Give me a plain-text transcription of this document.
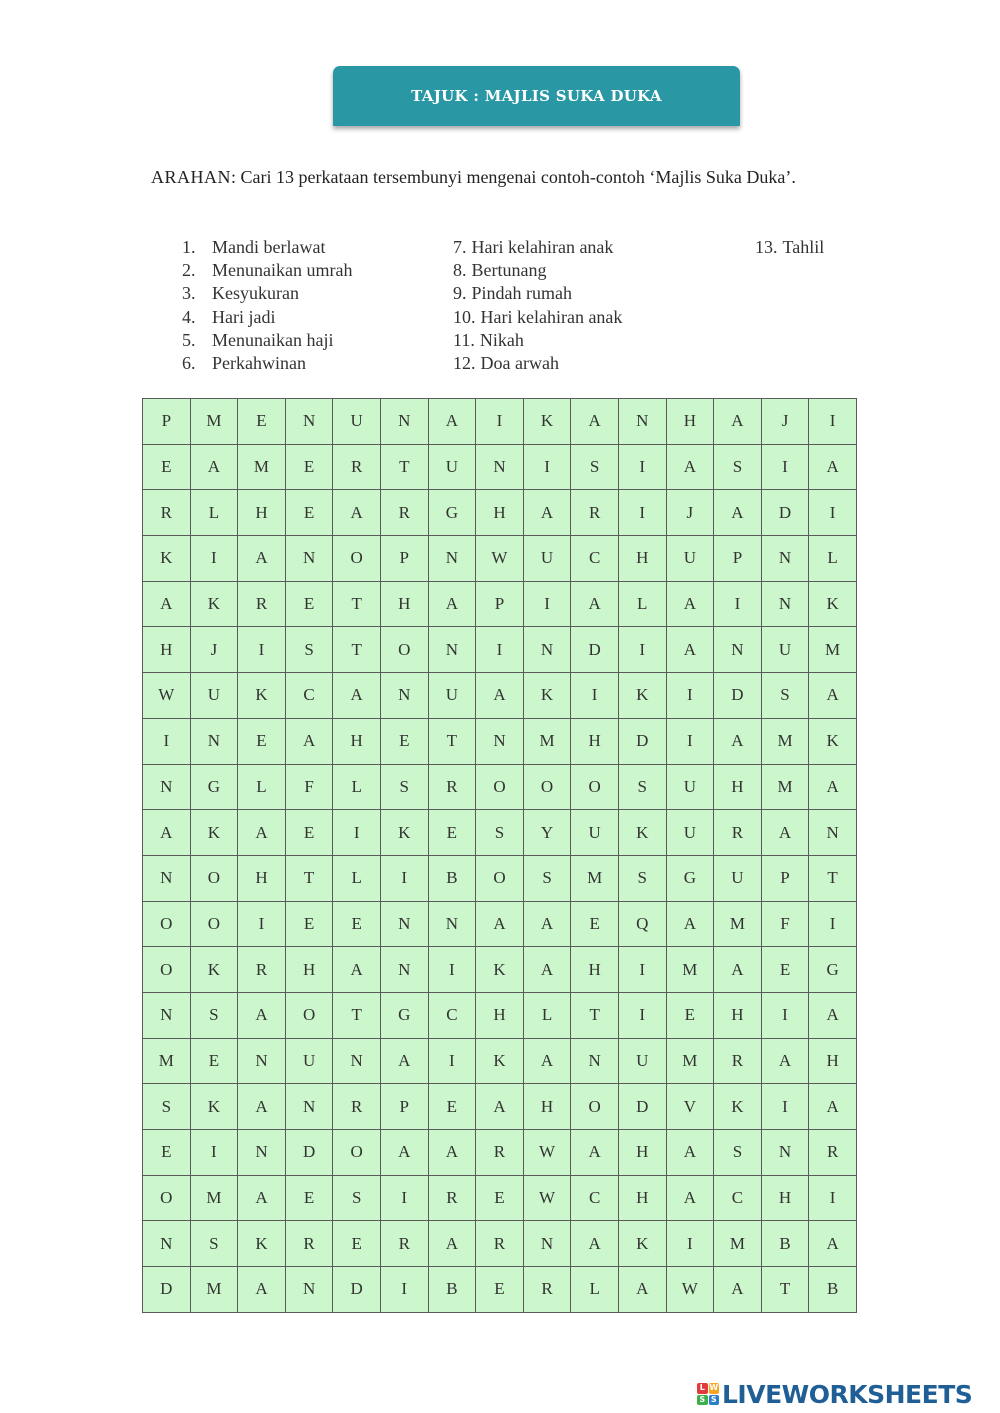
TAJUK : MAJLIS SUKA DUKA
ARAHAN: Cari 13 perkataan tersembunyi mengenai contoh-contoh ‘Majlis Suka Duka’.
1. Mandi berlawat
2. Menunaikan umrah
3. Kesyukuran
4. Hari jadi
5. Menunaikan haji
6. Perkahwinan
7. Hari kelahiran anak
8. Bertunang
9. Pindah rumah
10. Hari kelahiran anak
11. Nikah
12. Doa arwah
13. Tahlil
P	M	E	N	U	N	A	I	K	A	N	H	A	J	I
E	A	M	E	R	T	U	N	I	S	I	A	S	I	A
R	L	H	E	A	R	G	H	A	R	I	J	A	D	I
K	I	A	N	O	P	N	W	U	C	H	U	P	N	L
A	K	R	E	T	H	A	P	I	A	L	A	I	N	K
H	J	I	S	T	O	N	I	N	D	I	A	N	U	M
W	U	K	C	A	N	U	A	K	I	K	I	D	S	A
I	N	E	A	H	E	T	N	M	H	D	I	A	M	K
N	G	L	F	L	S	R	O	O	O	S	U	H	M	A
A	K	A	E	I	K	E	S	Y	U	K	U	R	A	N
N	O	H	T	L	I	B	O	S	M	S	G	U	P	T
O	O	I	E	E	N	N	A	A	E	Q	A	M	F	I
O	K	R	H	A	N	I	K	A	H	I	M	A	E	G
N	S	A	O	T	G	C	H	L	T	I	E	H	I	A
M	E	N	U	N	A	I	K	A	N	U	M	R	A	H
S	K	A	N	R	P	E	A	H	O	D	V	K	I	A
E	I	N	D	O	A	A	R	W	A	H	A	S	N	R
O	M	A	E	S	I	R	E	W	C	H	A	C	H	I
N	S	K	R	E	R	A	R	N	A	K	I	M	B	A
D	M	A	N	D	I	B	E	R	L	A	W	A	T	B
L W
S S LIVEWORKSHEETS
